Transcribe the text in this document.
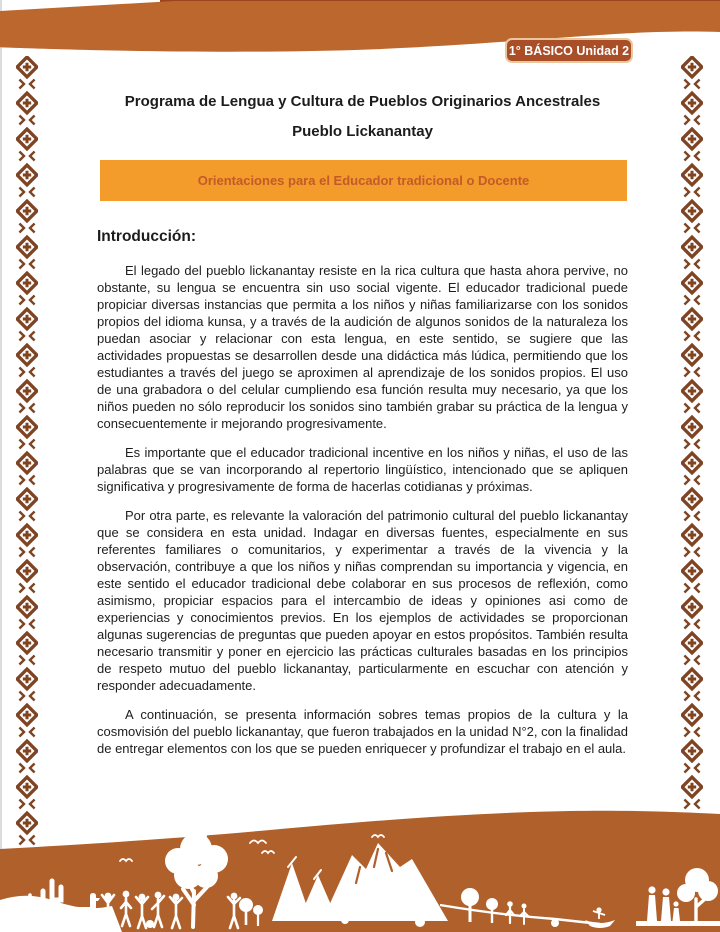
1° BÁSICO Unidad 2
Programa de Lengua y Cultura de Pueblos Originarios Ancestrales
Pueblo Lickanantay
Orientaciones para el Educador tradicional o Docente
Introducción:

El legado del pueblo lickanantay resiste en la rica cultura que hasta ahora pervive, no obstante, su lengua se encuentra sin uso social vigente. El educador tradicional puede propiciar diversas instancias que permita a los niños y niñas familiarizarse con los sonidos propios del idioma kunsa, y a través de la audición de algunos sonidos de la naturaleza los puedan asociar y relacionar con esta lengua, en este sentido, se sugiere que las actividades propuestas se desarrollen desde una didáctica más lúdica, permitiendo que los estudiantes a través del juego se aproximen al aprendizaje de los sonidos propios. El uso de una grabadora o del celular cumpliendo esa función resulta muy necesario, ya que los niños pueden no sólo reproducir los sonidos sino también grabar su práctica de la lengua y consecuentemente ir mejorando progresivamente.

Es importante que el educador tradicional incentive en los niños y niñas, el uso de las palabras que se van incorporando al repertorio lingüístico, intencionado que se apliquen significativa y progresivamente de forma de hacerlas cotidianas y próximas.

Por otra parte, es relevante la valoración del patrimonio cultural del pueblo lickanantay que se considera en esta unidad. Indagar en diversas fuentes, especialmente en sus referentes familiares o comunitarios, y experimentar a través de la vivencia y la observación, contribuye a que los niños y niñas comprendan su importancia y vigencia, en este sentido el educador tradicional debe colaborar en sus procesos de reflexión, como asimismo, propiciar espacios para el intercambio de ideas y opiniones asi como de experiencias y conocimientos previos. En los ejemplos de actividades se proporcionan algunas sugerencias de preguntas que pueden apoyar en estos propósitos. También resulta necesario transmitir y poner en ejercicio las prácticas culturales basadas en los principios de respeto mutuo del pueblo lickanantay, particularmente en escuchar con atención y responder adecuadamente.

A continuación, se presenta información sobres temas propios de la cultura y la cosmovisión del pueblo lickanantay, que fueron trabajados en la unidad N°2, con la finalidad de entregar elementos con los que se pueden enriquecer y profundizar el trabajo en el aula.
